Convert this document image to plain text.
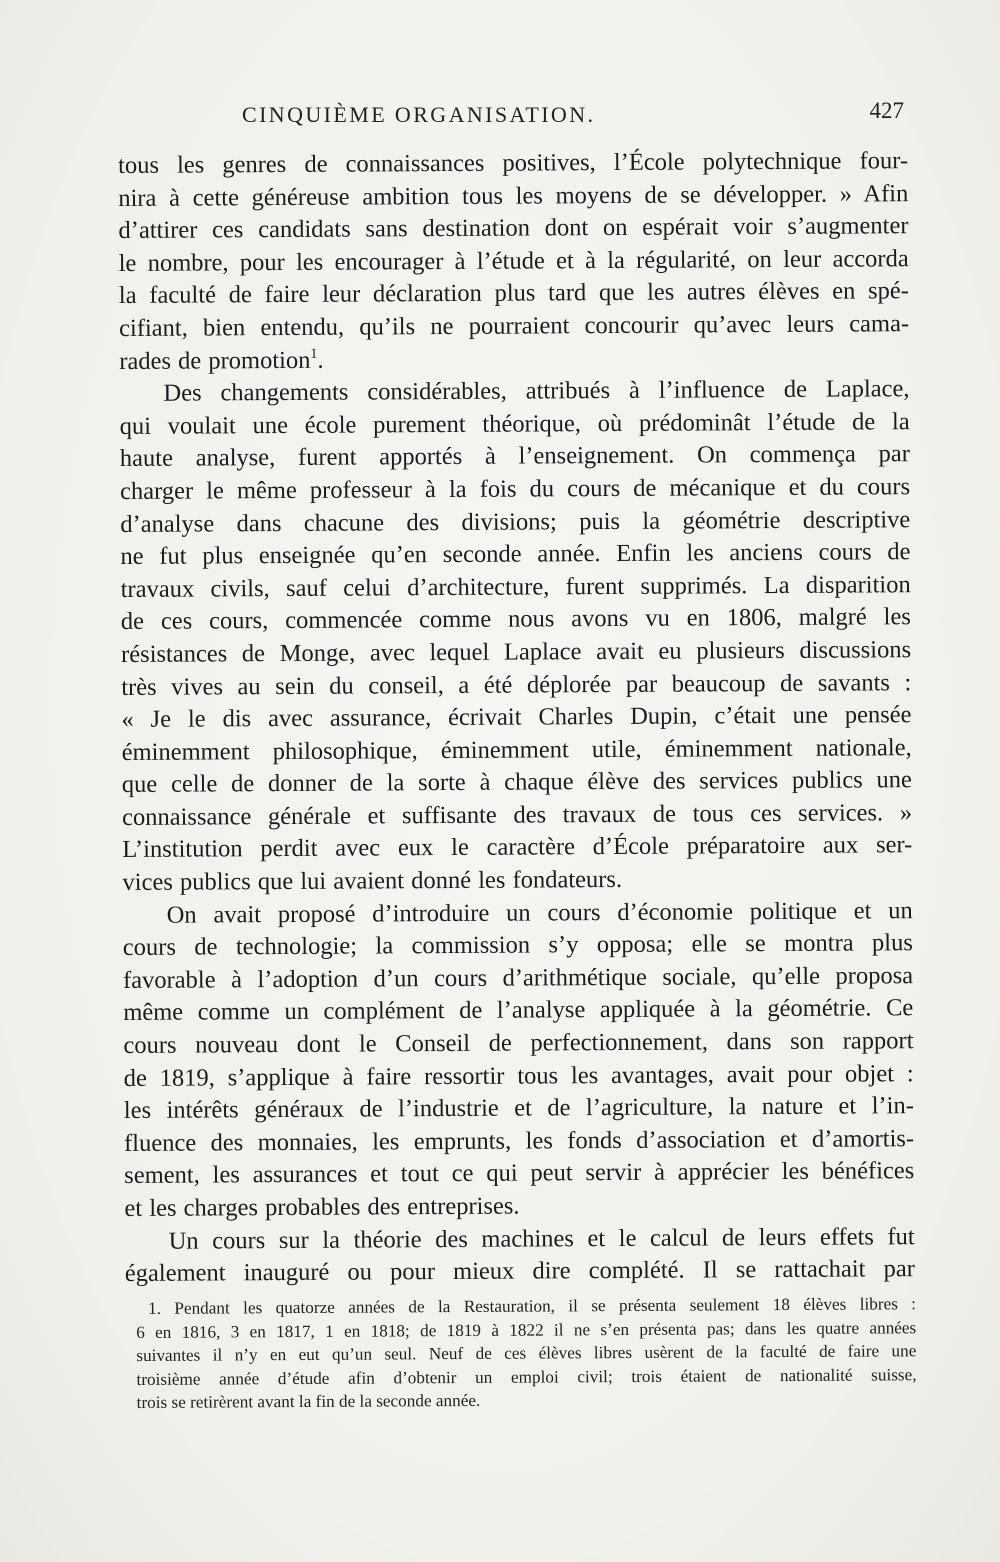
CINQUIÈME ORGANISATION.	427
tous les genres de connaissances positives, l’École polytechnique four-
nira à cette généreuse ambition tous les moyens de se développer. » Afin
d’attirer ces candidats sans destination dont on espérait voir s’augmenter
le nombre, pour les encourager à l’étude et à la régularité, on leur accorda
la faculté de faire leur déclaration plus tard que les autres élèves en spé-
cifiant, bien entendu, qu’ils ne pourraient concourir qu’avec leurs cama-
rades de promotion$^1$.
Des changements considérables, attribués à l’influence de Laplace,
qui voulait une école purement théorique, où prédominât l’étude de la
haute analyse, furent apportés à l’enseignement. On commença par
charger le même professeur à la fois du cours de mécanique et du cours
d’analyse dans chacune des divisions; puis la géométrie descriptive
ne fut plus enseignée qu’en seconde année. Enfin les anciens cours de
travaux civils, sauf celui d’architecture, furent supprimés. La disparition
de ces cours, commencée comme nous avons vu en 1806, malgré les
résistances de Monge, avec lequel Laplace avait eu plusieurs discussions
très vives au sein du conseil, a été déplorée par beaucoup de savants :
« Je le dis avec assurance, écrivait Charles Dupin, c’était une pensée
éminemment philosophique, éminemment utile, éminemment nationale,
que celle de donner de la sorte à chaque élève des services publics une
connaissance générale et suffisante des travaux de tous ces services. »
L’institution perdit avec eux le caractère d’École préparatoire aux ser-
vices publics que lui avaient donné les fondateurs.
On avait proposé d’introduire un cours d’économie politique et un
cours de technologie; la commission s’y opposa; elle se montra plus
favorable à l’adoption d’un cours d’arithmétique sociale, qu’elle proposa
même comme un complément de l’analyse appliquée à la géométrie. Ce
cours nouveau dont le Conseil de perfectionnement, dans son rapport
de 1819, s’applique à faire ressortir tous les avantages, avait pour objet :
les intérêts généraux de l’industrie et de l’agriculture, la nature et l’in-
fluence des monnaies, les emprunts, les fonds d’association et d’amortis-
sement, les assurances et tout ce qui peut servir à apprécier les bénéfices
et les charges probables des entreprises.
Un cours sur la théorie des machines et le calcul de leurs effets fut
également inauguré ou pour mieux dire complété. Il se rattachait par
1. Pendant les quatorze années de la Restauration, il se présenta seulement 18 élèves libres :
6 en 1816, 3 en 1817, 1 en 1818; de 1819 à 1822 il ne s’en présenta pas; dans les quatre années
suivantes il n’y en eut qu’un seul. Neuf de ces élèves libres usèrent de la faculté de faire une
troisième année d’étude afin d’obtenir un emploi civil; trois étaient de nationalité suisse,
trois se retirèrent avant la fin de la seconde année.
